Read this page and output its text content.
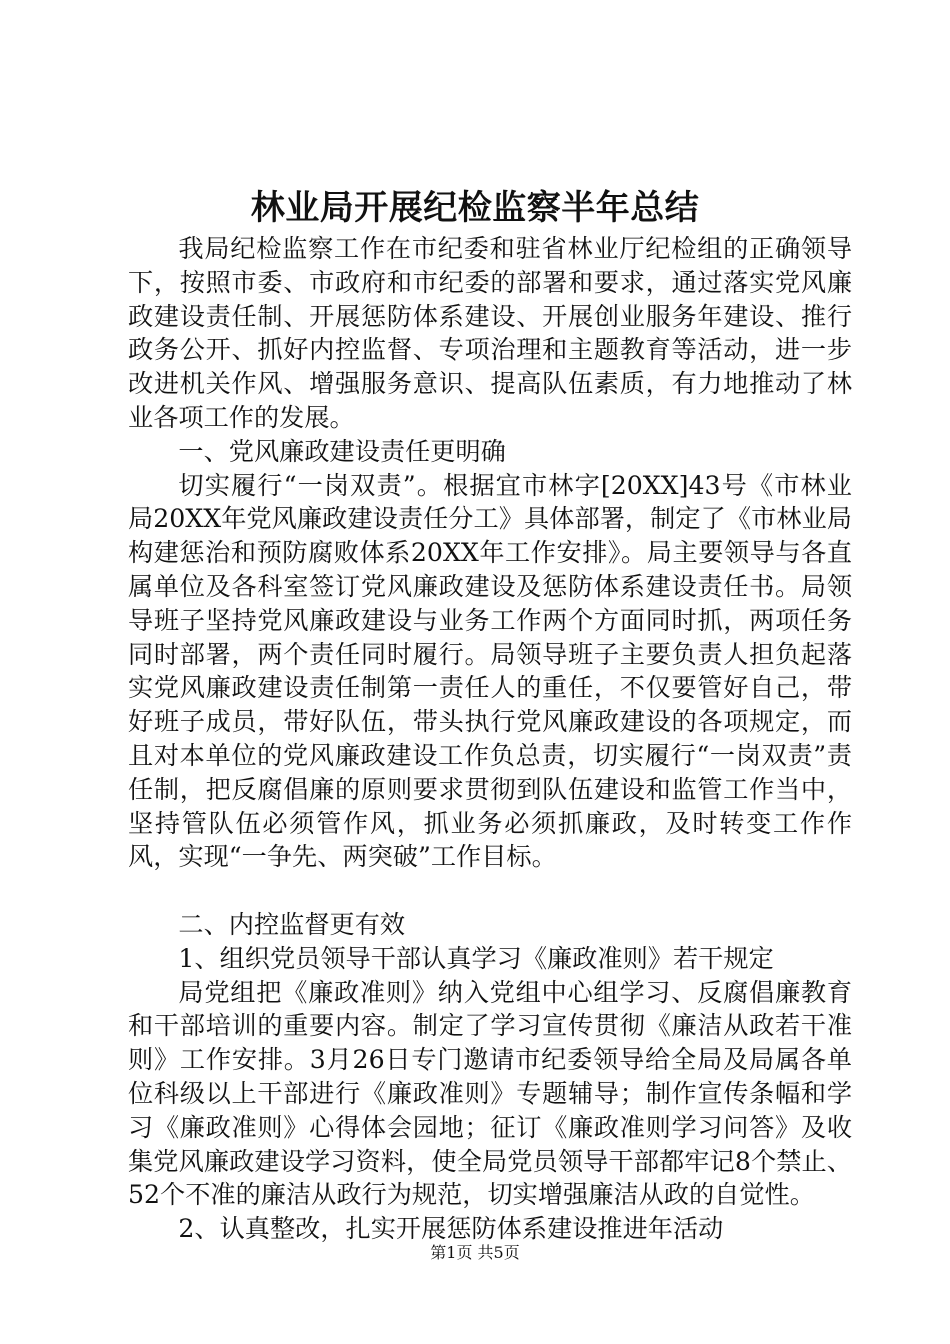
林业局开展纪检监察半年总结

我局纪检监察工作在市纪委和驻省林业厅纪检组的正确领导下，按照市委、市政府和市纪委的部署和要求，通过落实党风廉政建设责任制、开展惩防体系建设、开展创业服务年建设、推行政务公开、抓好内控监督、专项治理和主题教育等活动，进一步改进机关作风、增强服务意识、提高队伍素质，有力地推动了林业各项工作的发展。

一、党风廉政建设责任更明确

切实履行“一岗双责”。根据宜市林字[20XX]43号《市林业局20XX年党风廉政建设责任分工》具体部署，制定了《市林业局构建惩治和预防腐败体系20XX年工作安排》。局主要领导与各直属单位及各科室签订党风廉政建设及惩防体系建设责任书。局领导班子坚持党风廉政建设与业务工作两个方面同时抓，两项任务同时部署，两个责任同时履行。局领导班子主要负责人担负起落实党风廉政建设责任制第一责任人的重任，不仅要管好自己，带好班子成员，带好队伍，带头执行党风廉政建设的各项规定，而且对本单位的党风廉政建设工作负总责，切实履行“一岗双责”责任制，把反腐倡廉的原则要求贯彻到队伍建设和监管工作当中，坚持管队伍必须管作风，抓业务必须抓廉政，及时转变工作作风，实现“一争先、两突破”工作目标。

二、内控监督更有效

1、组织党员领导干部认真学习《廉政准则》若干规定

局党组把《廉政准则》纳入党组中心组学习、反腐倡廉教育和干部培训的重要内容。制定了学习宣传贯彻《廉洁从政若干准则》工作安排。3月26日专门邀请市纪委领导给全局及局属各单位科级以上干部进行《廉政准则》专题辅导；制作宣传条幅和学习《廉政准则》心得体会园地；征订《廉政准则学习问答》及收集党风廉政建设学习资料，使全局党员领导干部都牢记8个禁止、52个不准的廉洁从政行为规范，切实增强廉洁从政的自觉性。

2、认真整改，扎实开展惩防体系建设推进年活动

第1页 共5页
